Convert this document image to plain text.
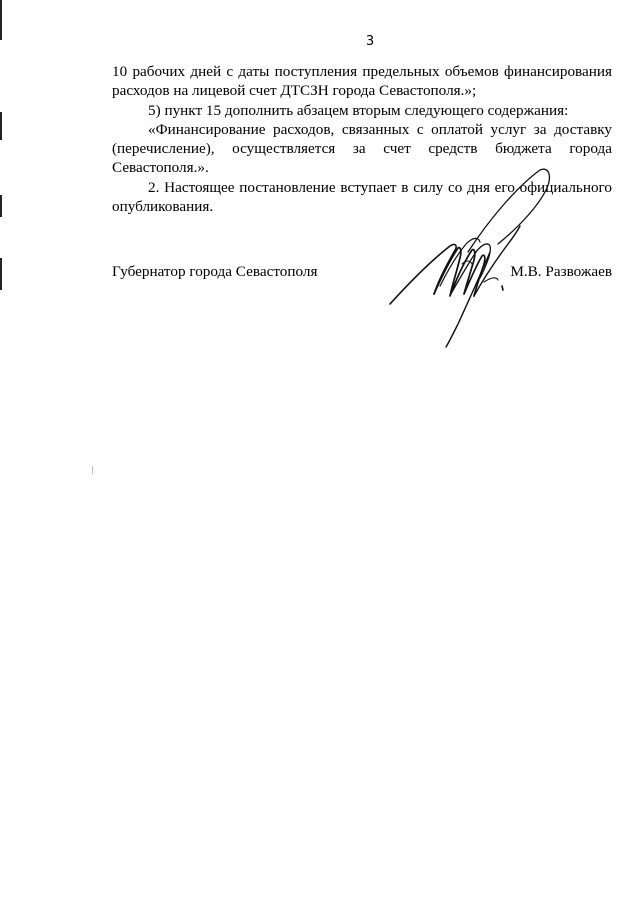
3

10 рабочих дней с даты поступления предельных объемов финансирования
расходов на лицевой счет ДТСЗН города Севастополя.»;

5) пункт 15 дополнить абзацем вторым следующего содержания:

«Финансирование расходов, связанных с оплатой услуг за доставку
(перечисление), осуществляется за счет средств бюджета города
Севастополя.».

2. Настоящее постановление вступает в силу со дня его официального
опубликования.

Губернатор города Севастополя	М.В. Развожаев
